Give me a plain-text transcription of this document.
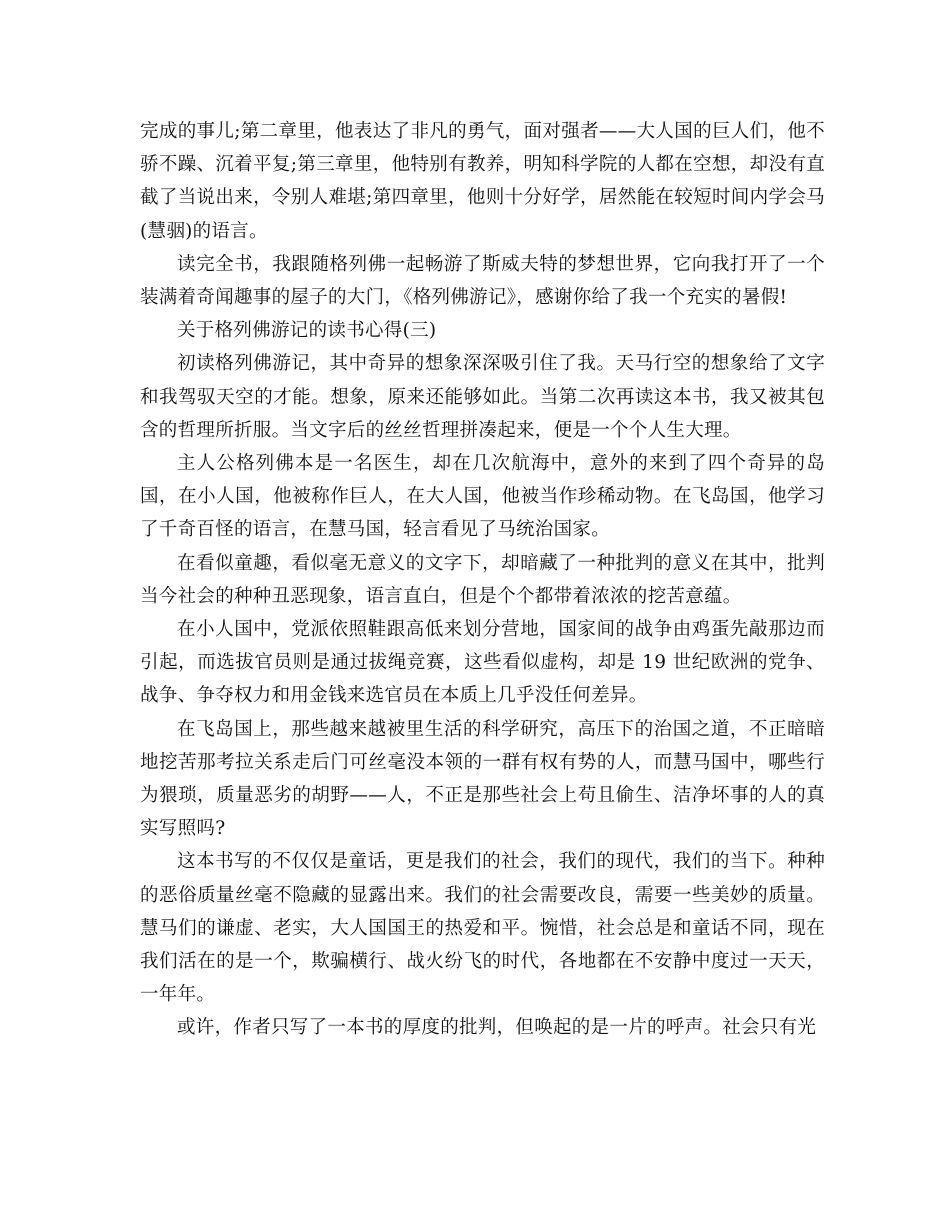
完成的事儿;第二章里，他表达了非凡的勇气，面对强者——大人国的巨人们，他不骄不躁、沉着平复;第三章里，他特别有教养，明知科学院的人都在空想，却没有直截了当说出来，令别人难堪;第四章里，他则十分好学，居然能在较短时间内学会马(慧骃)的语言。

读完全书，我跟随格列佛一起畅游了斯威夫特的梦想世界，它向我打开了一个装满着奇闻趣事的屋子的大门，《格列佛游记》，感谢你给了我一个充实的暑假!

关于格列佛游记的读书心得(三)

初读格列佛游记，其中奇异的想象深深吸引住了我。天马行空的想象给了文字和我驾驭天空的才能。想象，原来还能够如此。当第二次再读这本书，我又被其包含的哲理所折服。当文字后的丝丝哲理拼凑起来，便是一个个人生大理。

主人公格列佛本是一名医生，却在几次航海中，意外的来到了四个奇异的岛国，在小人国，他被称作巨人，在大人国，他被当作珍稀动物。在飞岛国，他学习了千奇百怪的语言，在慧马国，轻言看见了马统治国家。

在看似童趣，看似毫无意义的文字下，却暗藏了一种批判的意义在其中，批判当今社会的种种丑恶现象，语言直白，但是个个都带着浓浓的挖苦意蕴。

在小人国中，党派依照鞋跟高低来划分营地，国家间的战争由鸡蛋先敲那边而引起，而选拔官员则是通过拔绳竞赛，这些看似虚构，却是 19 世纪欧洲的党争、战争、争夺权力和用金钱来选官员在本质上几乎没任何差异。

在飞岛国上，那些越来越被里生活的科学研究，高压下的治国之道，不正暗暗地挖苦那考拉关系走后门可丝毫没本领的一群有权有势的人，而慧马国中，哪些行为猥琐，质量恶劣的胡野——人，不正是那些社会上苟且偷生、洁净坏事的人的真实写照吗?

这本书写的不仅仅是童话，更是我们的社会，我们的现代，我们的当下。种种的恶俗质量丝毫不隐藏的显露出来。我们的社会需要改良，需要一些美妙的质量。慧马们的谦虚、老实，大人国国王的热爱和平。惋惜，社会总是和童话不同，现在我们活在的是一个，欺骗横行、战火纷飞的时代，各地都在不安静中度过一天天，一年年。

或许，作者只写了一本书的厚度的批判，但唤起的是一片的呼声。社会只有光
